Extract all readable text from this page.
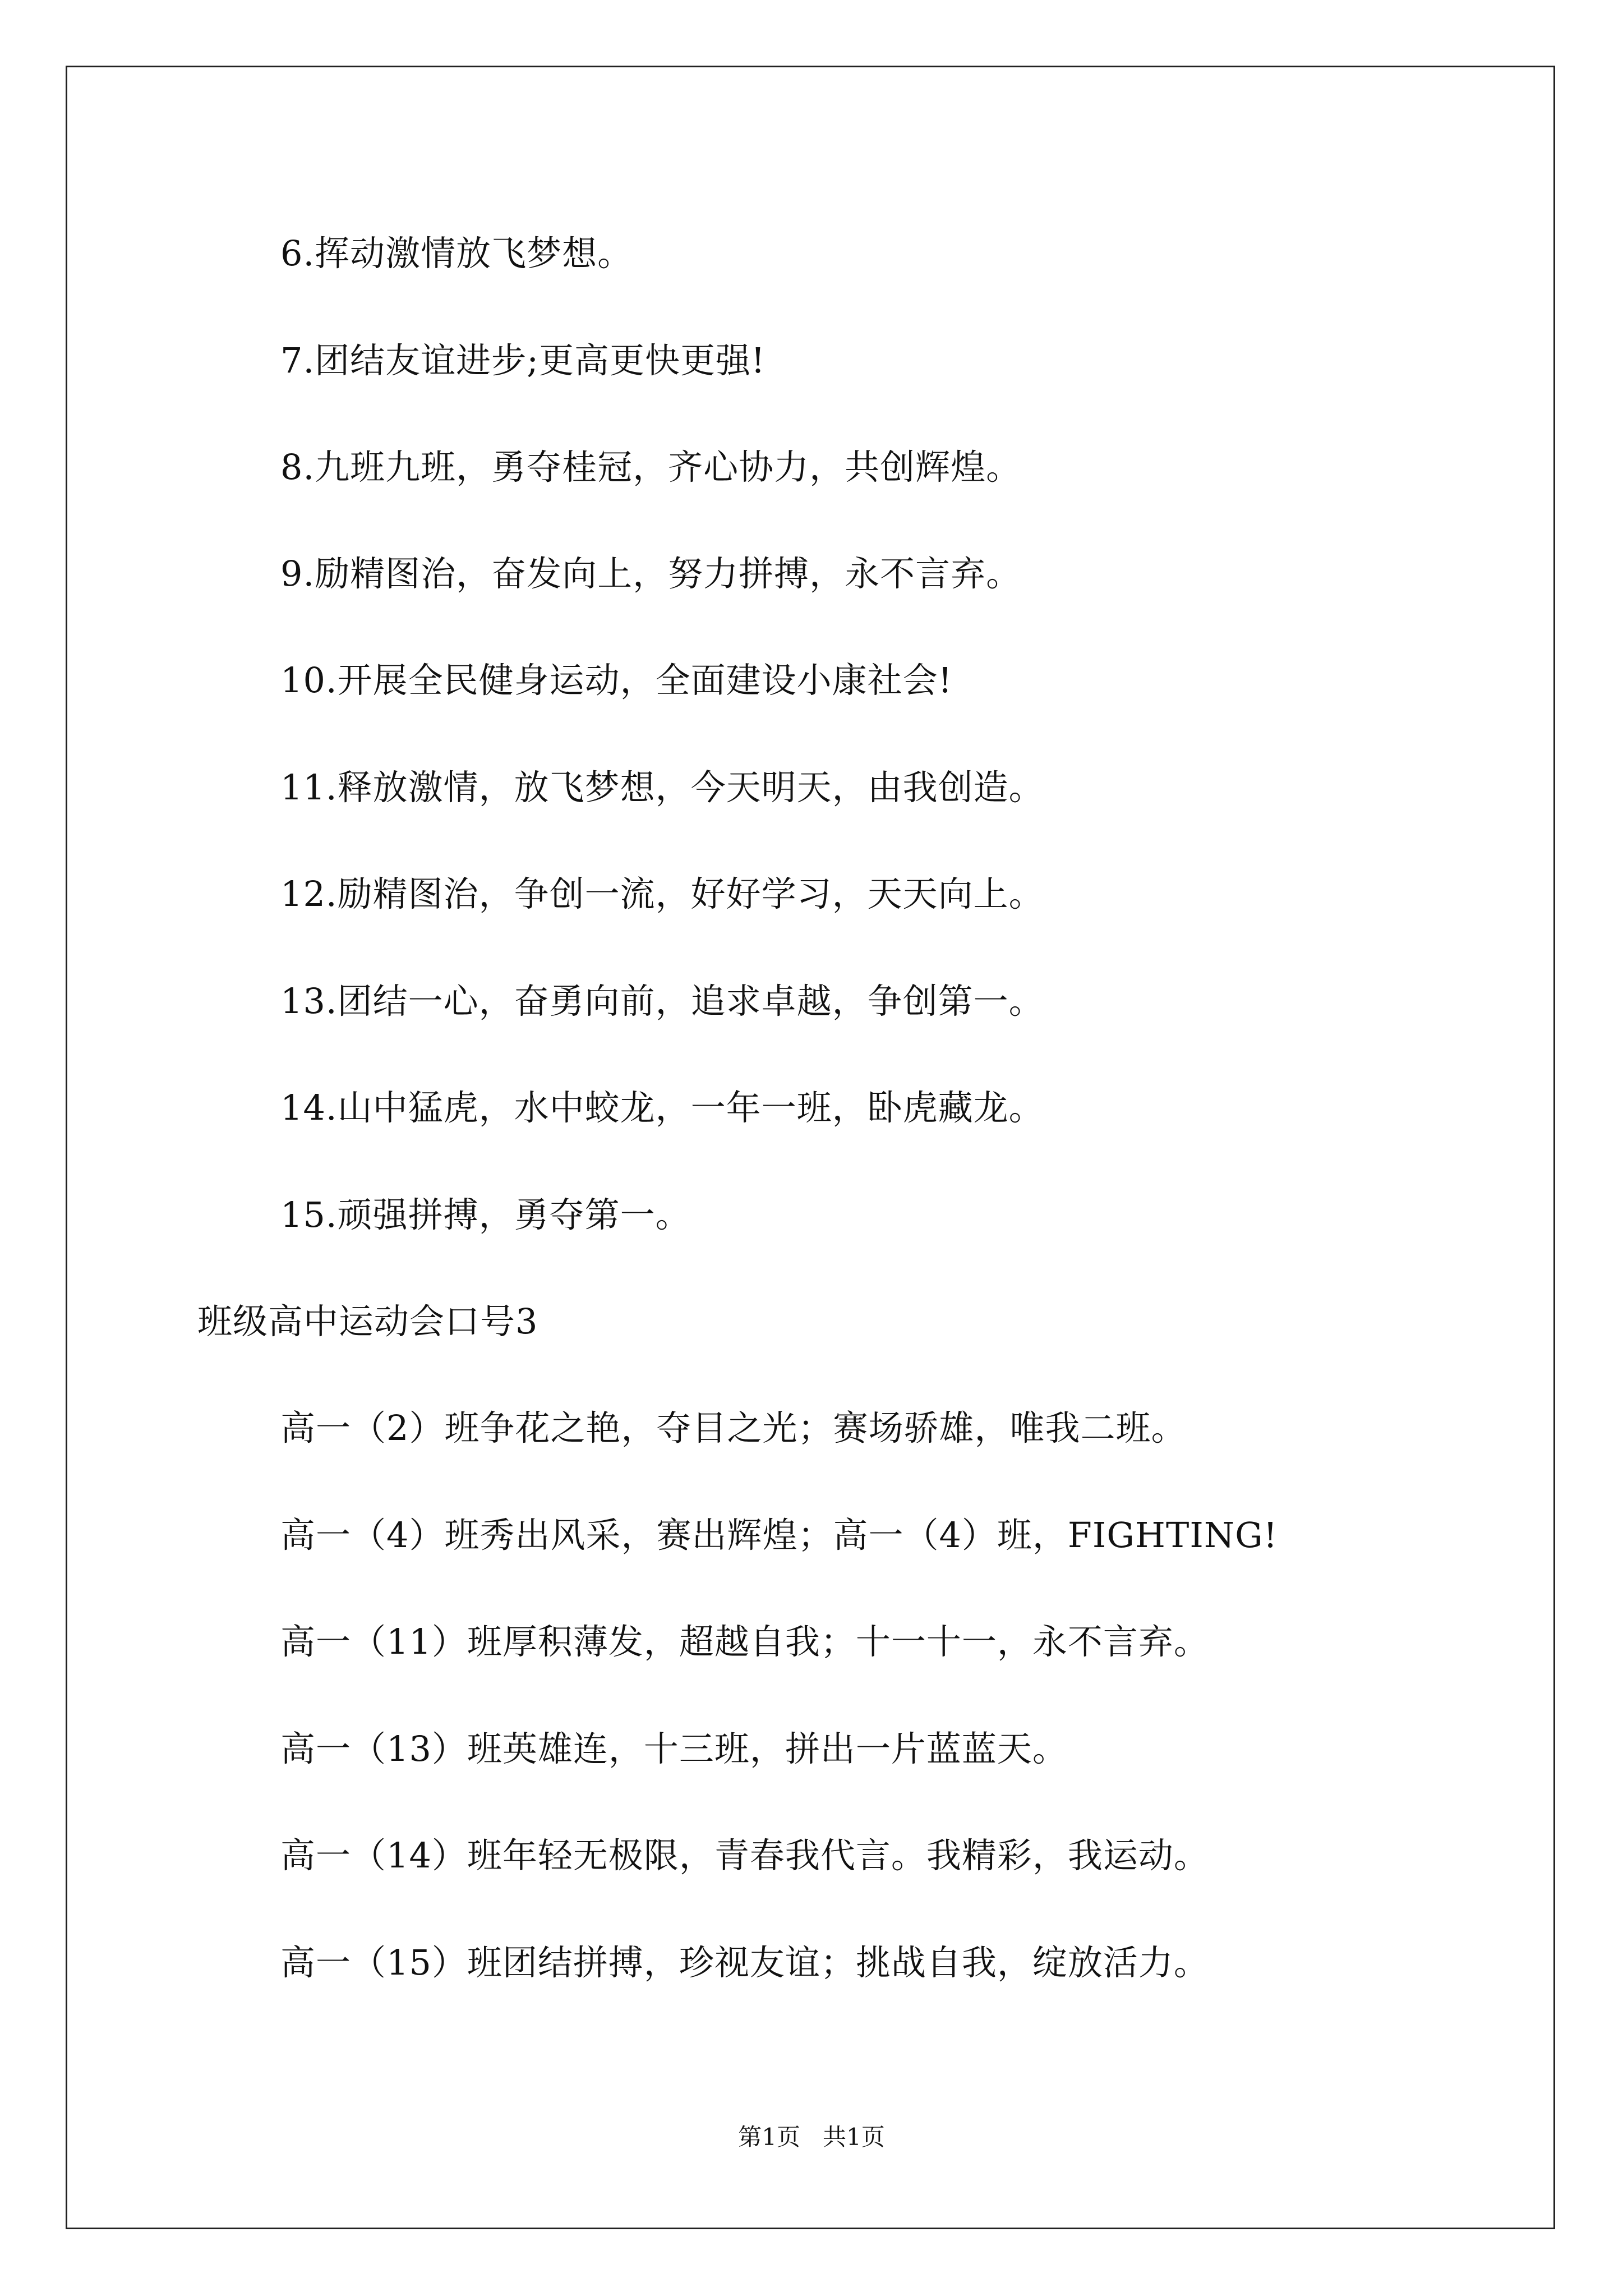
6.挥动激情放飞梦想。
7.团结友谊进步;更高更快更强!
8.九班九班，勇夺桂冠，齐心协力，共创辉煌。
9.励精图治，奋发向上，努力拼搏，永不言弃。
10.开展全民健身运动，全面建设小康社会!
11.释放激情，放飞梦想，今天明天，由我创造。
12.励精图治，争创一流，好好学习，天天向上。
13.团结一心，奋勇向前，追求卓越，争创第一。
14.山中猛虎，水中蛟龙，一年一班，卧虎藏龙。
15.顽强拼搏，勇夺第一。
班级高中运动会口号3
高一（2）班争花之艳，夺目之光；赛场骄雄，唯我二班。
高一（4）班秀出风采，赛出辉煌；高一（4）班，FIGHTING!
高一（11）班厚积薄发，超越自我；十一十一，永不言弃。
高一（13）班英雄连，十三班，拼出一片蓝蓝天。
高一（14）班年轻无极限，青春我代言。我精彩，我运动。
高一（15）班团结拼搏，珍视友谊；挑战自我，绽放活力。
第1页   共1页
